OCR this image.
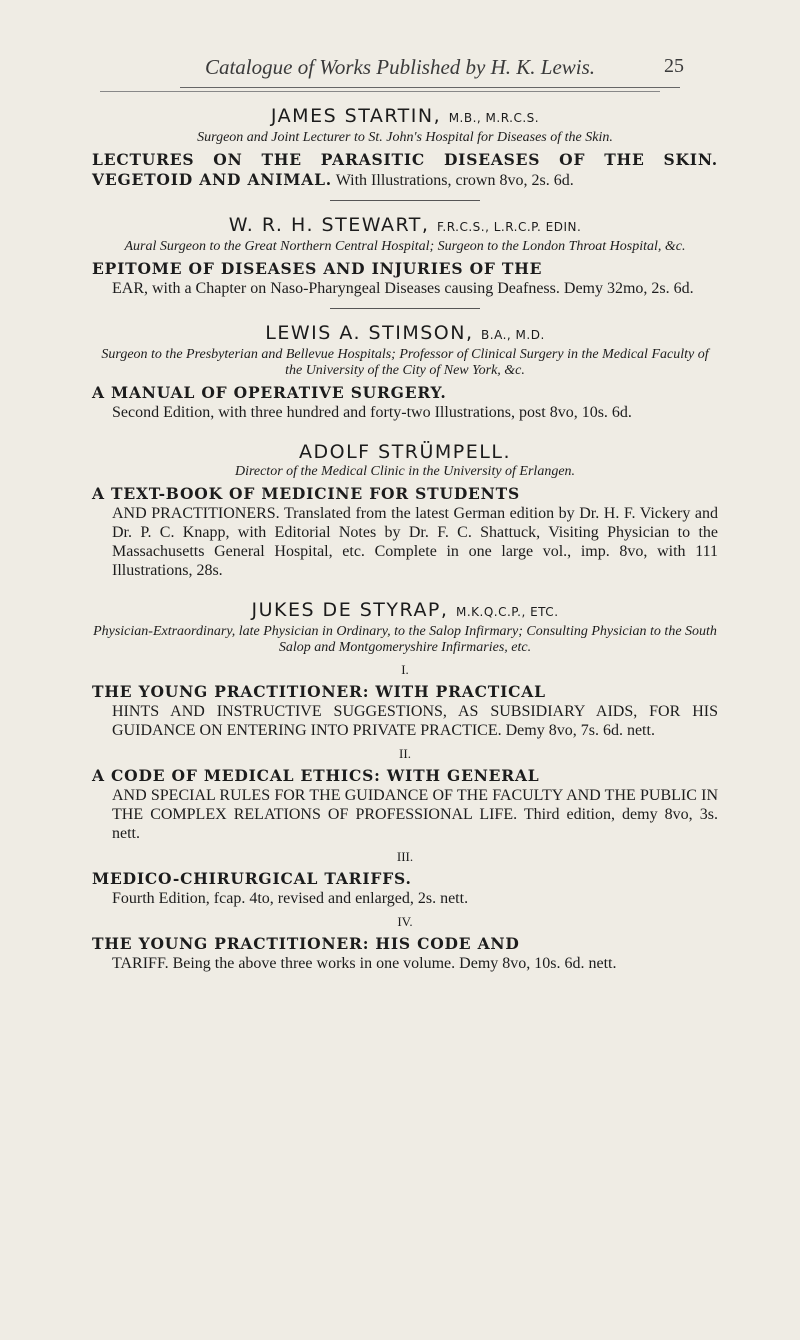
Catalogue of Works Published by H. K. Lewis.	25
JAMES STARTIN, M.B., M.R.C.S.
Surgeon and Joint Lecturer to St. John's Hospital for Diseases of the Skin.
LECTURES ON THE PARASITIC DISEASES OF THE SKIN. VEGETOID AND ANIMAL. With Illustrations, crown 8vo, 2s. 6d.
W. R. H. STEWART, F.R.C.S., L.R.C.P. EDIN.
Aural Surgeon to the Great Northern Central Hospital; Surgeon to the London Throat Hospital, &c.
EPITOME OF DISEASES AND INJURIES OF THE
EAR, with a Chapter on Naso-Pharyngeal Diseases causing Deafness. Demy 32mo, 2s. 6d.
LEWIS A. STIMSON, B.A., M.D.
Surgeon to the Presbyterian and Bellevue Hospitals; Professor of Clinical Surgery in the Medical Faculty of the University of the City of New York, &c.
A MANUAL OF OPERATIVE SURGERY.
Second Edition, with three hundred and forty-two Illustrations, post 8vo, 10s. 6d.
ADOLF STRÜMPELL.
Director of the Medical Clinic in the University of Erlangen.
A TEXT-BOOK OF MEDICINE FOR STUDENTS
AND PRACTITIONERS. Translated from the latest German edition by Dr. H. F. Vickery and Dr. P. C. Knapp, with Editorial Notes by Dr. F. C. Shattuck, Visiting Physician to the Massachusetts General Hospital, etc. Complete in one large vol., imp. 8vo, with 111 Illustrations, 28s.
JUKES DE STYRAP, M.K.Q.C.P., ETC.
Physician-Extraordinary, late Physician in Ordinary, to the Salop Infirmary; Consulting Physician to the South Salop and Montgomeryshire Infirmaries, etc.
I.
THE YOUNG PRACTITIONER: WITH PRACTICAL
HINTS AND INSTRUCTIVE SUGGESTIONS, AS SUBSIDIARY AIDS, FOR HIS GUIDANCE ON ENTERING INTO PRIVATE PRACTICE. Demy 8vo, 7s. 6d. nett.
II.
A CODE OF MEDICAL ETHICS: WITH GENERAL
AND SPECIAL RULES FOR THE GUIDANCE OF THE FACULTY AND THE PUBLIC IN THE COMPLEX RELATIONS OF PROFESSIONAL LIFE. Third edition, demy 8vo, 3s. nett.
III.
MEDICO-CHIRURGICAL TARIFFS.
Fourth Edition, fcap. 4to, revised and enlarged, 2s. nett.
IV.
THE YOUNG PRACTITIONER: HIS CODE AND
TARIFF. Being the above three works in one volume. Demy 8vo, 10s. 6d. nett.
